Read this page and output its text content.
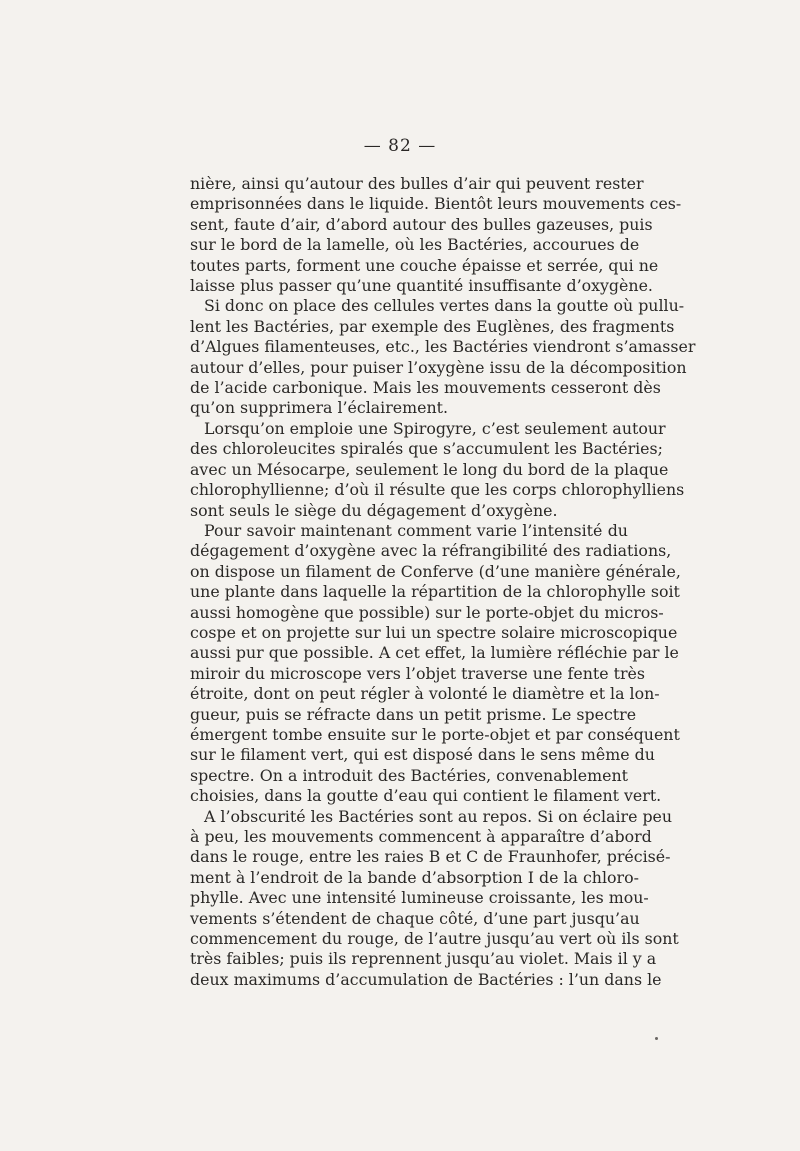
— 82 —
nière, ainsi qu’autour des bulles d’air qui peuvent rester
emprisonnées dans le liquide. Bientôt leurs mouvements ces-
sent, faute d’air, d’abord autour des bulles gazeuses, puis
sur le bord de la lamelle, où les Bactéries, accourues de
toutes parts, forment une couche épaisse et serrée, qui ne
laisse plus passer qu’une quantité insuffisante d’oxygène.
Si donc on place des cellules vertes dans la goutte où pullu-
lent les Bactéries, par exemple des Euglènes, des fragments
d’Algues filamenteuses, etc., les Bactéries viendront s’amasser
autour d’elles, pour puiser l’oxygène issu de la décomposition
de l’acide carbonique. Mais les mouvements cesseront dès
qu’on supprimera l’éclairement.
Lorsqu’on emploie une Spirogyre, c’est seulement autour
des chloroleucites spiralés que s’accumulent les Bactéries;
avec un Mésocarpe, seulement le long du bord de la plaque
chlorophyllienne; d’où il résulte que les corps chlorophylliens
sont seuls le siège du dégagement d’oxygène.
Pour savoir maintenant comment varie l’intensité du
dégagement d’oxygène avec la réfrangibilité des radiations,
on dispose un filament de Conferve (d’une manière générale,
une plante dans laquelle la répartition de la chlorophylle soit
aussi homogène que possible) sur le porte-objet du micros-
cospe et on projette sur lui un spectre solaire microscopique
aussi pur que possible. A cet effet, la lumière réfléchie par le
miroir du microscope vers l’objet traverse une fente très
étroite, dont on peut régler à volonté le diamètre et la lon-
gueur, puis se réfracte dans un petit prisme. Le spectre
émergent tombe ensuite sur le porte-objet et par conséquent
sur le filament vert, qui est disposé dans le sens même du
spectre. On a introduit des Bactéries, convenablement
choisies, dans la goutte d’eau qui contient le filament vert.
A l’obscurité les Bactéries sont au repos. Si on éclaire peu
à peu, les mouvements commencent à apparaître d’abord
dans le rouge, entre les raies B et C de Fraunhofer, précisé-
ment à l’endroit de la bande d’absorption I de la chloro-
phylle. Avec une intensité lumineuse croissante, les mou-
vements s’étendent de chaque côté, d’une part jusqu’au
commencement du rouge, de l’autre jusqu’au vert où ils sont
très faibles; puis ils reprennent jusqu’au violet. Mais il y a
deux maximums d’accumulation de Bactéries : l’un dans le
